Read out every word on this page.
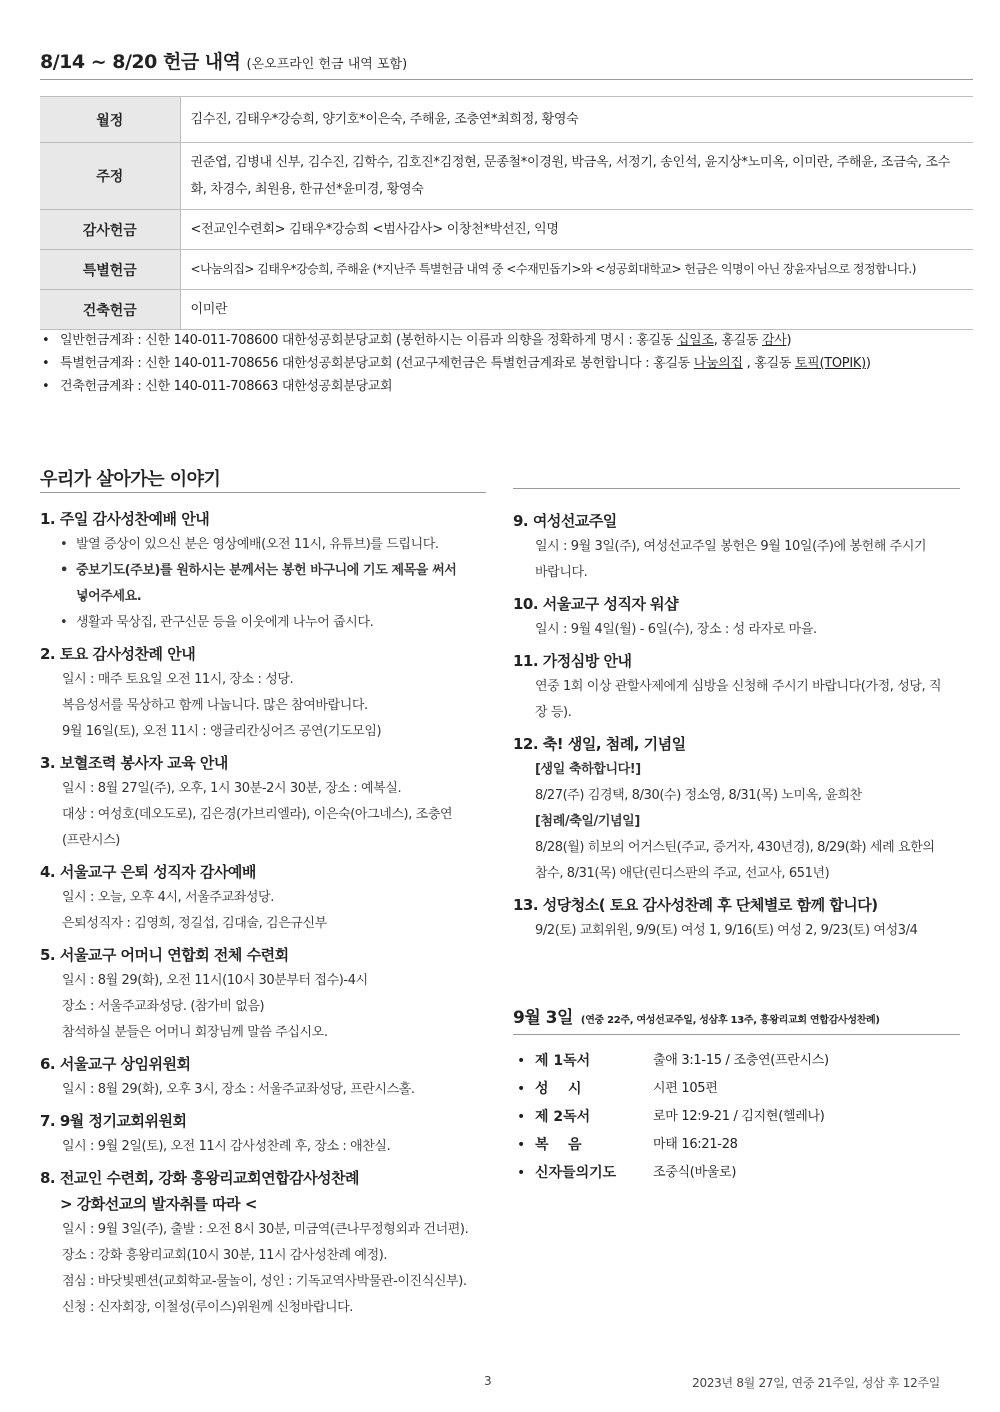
8/14 ~ 8/20 헌금 내역 (온오프라인 헌금 내역 포함)
월정	김수진, 김태우*강승희, 양기호*이은숙, 주해윤, 조충연*최희정, 황영숙
주정	권준엽, 김병내 신부, 김수진, 김학수, 김호진*김정현, 문종철*이경원, 박금옥, 서정기, 송인석, 윤지상*노미옥, 이미란, 주해윤, 조금숙, 조수화, 차경수, 최원용, 한규선*윤미경, 황영숙
감사헌금	<전교인수련회> 김태우*강승희 <범사감사> 이창천*박선진, 익명
특별헌금	<나눔의집> 김태우*강승희, 주해윤 (*지난주 특별헌금 내역 중 <수재민돕기>와 <성공회대학교> 헌금은 익명이 아닌 장윤자님으로 정정합니다.)
건축헌금	이미란
• 일반헌금계좌 : 신한 140-011-708600 대한성공회분당교회 (봉헌하시는 이름과 의향을 정확하게 명시 : 홍길동 십일조, 홍길동 감사)
• 특별헌금계좌 : 신한 140-011-708656 대한성공회분당교회 (선교구제헌금은 특별헌금계좌로 봉헌합니다 : 홍길동 나눔의집 , 홍길동 토픽(TOPIK))
• 건축헌금계좌 : 신한 140-011-708663 대한성공회분당교회
우리가 살아가는 이야기
1. 주일 감사성찬예배 안내
• 발열 증상이 있으신 분은 영상예배(오전 11시, 유튜브)를 드립니다.
• 중보기도(주보)를 원하시는 분께서는 봉헌 바구니에 기도 제목을 써서
넣어주세요.
• 생활과 묵상집, 관구신문 등을 이웃에게 나누어 줍시다.
2. 토요 감사성찬례 안내
일시 : 매주 토요일 오전 11시, 장소 : 성당.
복음성서를 묵상하고 함께 나눕니다. 많은 참여바랍니다.
9월 16일(토), 오전 11시 : 앵글리칸싱어즈 공연(기도모임)
3. 보혈조력 봉사자 교육 안내
일시 : 8월 27일(주), 오후, 1시 30분-2시 30분, 장소 : 예복실.
대상 : 여성호(데오도로), 김은경(가브리엘라), 이은숙(아그네스), 조충연
(프란시스)
4. 서울교구 은퇴 성직자 감사예배
일시 : 오늘, 오후 4시, 서울주교좌성당.
은퇴성직자 : 김영희, 정길섭, 김대술, 김은규신부
5. 서울교구 어머니 연합회 전체 수련회
일시 : 8월 29(화), 오전 11시(10시 30분부터 접수)-4시
장소 : 서울주교좌성당. (참가비 없음)
참석하실 분들은 어머니 회장님께 말씀 주십시오.
6. 서울교구 상임위원회
일시 : 8월 29(화), 오후 3시, 장소 : 서울주교좌성당, 프란시스홀.
7. 9월 정기교회위원회
일시 : 9월 2일(토), 오전 11시 감사성찬례 후, 장소 : 애찬실.
8. 전교인 수련회, 강화 흥왕리교회연합감사성찬례
> 강화선교의 발자취를 따라 <
일시 : 9월 3일(주), 출발 : 오전 8시 30분, 미금역(큰나무정형외과 건너편).
장소 : 강화 흥왕리교회(10시 30분, 11시 감사성찬례 예정).
점심 : 바닷빛펜션(교회학교-물놀이, 성인 : 기독교역사박물관-이진식신부).
신청 : 신자회장, 이철성(루이스)위원께 신청바랍니다.
9. 여성선교주일
일시 : 9월 3일(주), 여성선교주일 봉헌은 9월 10일(주)에 봉헌해 주시기
바랍니다.
10. 서울교구 성직자 워샵
일시 : 9월 4일(월) - 6일(수), 장소 : 성 라자로 마을.
11. 가정심방 안내
연중 1회 이상 관할사제에게 심방을 신청해 주시기 바랍니다(가정, 성당, 직
장 등).
12. 축! 생일, 첨례, 기념일
[생일 축하합니다!]
8/27(주) 김경택, 8/30(수) 정소영, 8/31(목) 노미옥, 윤희찬
[첨례/축일/기념일]
8/28(월) 히보의 어거스틴(주교, 증거자, 430년경), 8/29(화) 세례 요한의
참수, 8/31(목) 애단(린디스판의 주교, 선교사, 651년)
13. 성당청소( 토요 감사성찬례 후 단체별로 함께 합니다)
9/2(토) 교회위원, 9/9(토) 여성 1, 9/16(토) 여성 2, 9/23(토) 여성3/4
9월 3일 (연중 22주, 여성선교주일, 성삼후 13주, 흥왕리교회 연합감사성찬례)
• 제 1독서	출애 3:1-15 / 조충연(프란시스)
• 성    시	시편 105편
• 제 2독서	로마 12:9-21 / 김지현(헬레나)
• 복    음	마태 16:21-28
• 신자들의기도	조중식(바울로)
3	2023년 8월 27일, 연중 21주일, 성삼 후 12주일
